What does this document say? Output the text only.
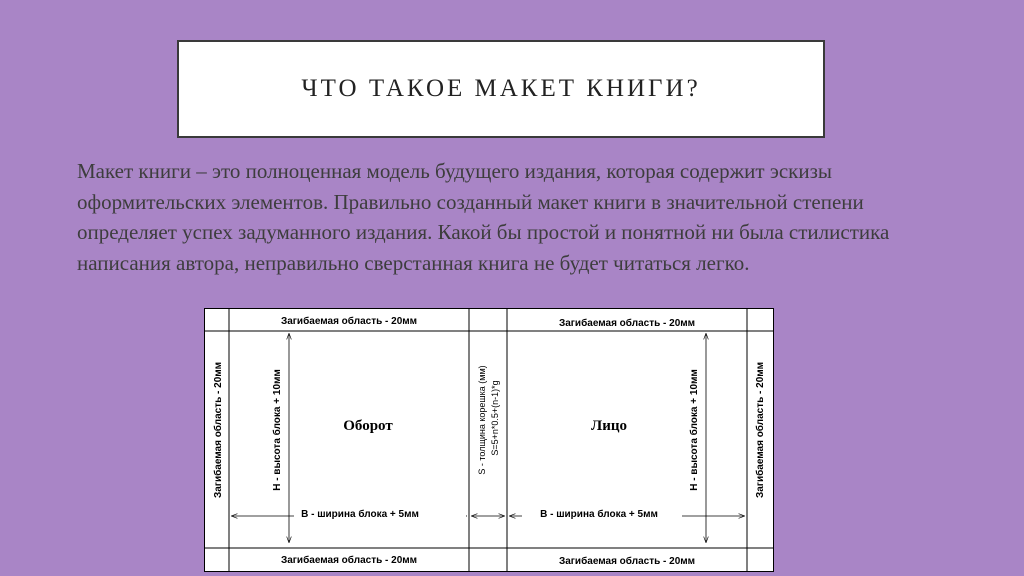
ЧТО ТАКОЕ МАКЕТ КНИГИ?
Макет книги – это полноценная модель будущего издания, которая содержит эскизы оформительских элементов. Правильно созданный макет книги в значительной степени определяет успех задуманного издания. Какой бы простой и понятной ни была стилистика написания автора, неправильно сверстанная книга не будет читаться легко.
Загибаемая область - 20мм	Загибаемая область - 20мм
Загибаемая область - 20мм	Загибаемая область - 20мм
Загибаемая область - 20мм	Загибаемая область - 20мм
H - высота блока + 10мм	H - высота блока + 10мм
B - ширина блока + 5мм	B - ширина блока + 5мм
S - толщина корешка (мм) S=5+n*0.5+(n-1)*g
Оборот	Лицо
